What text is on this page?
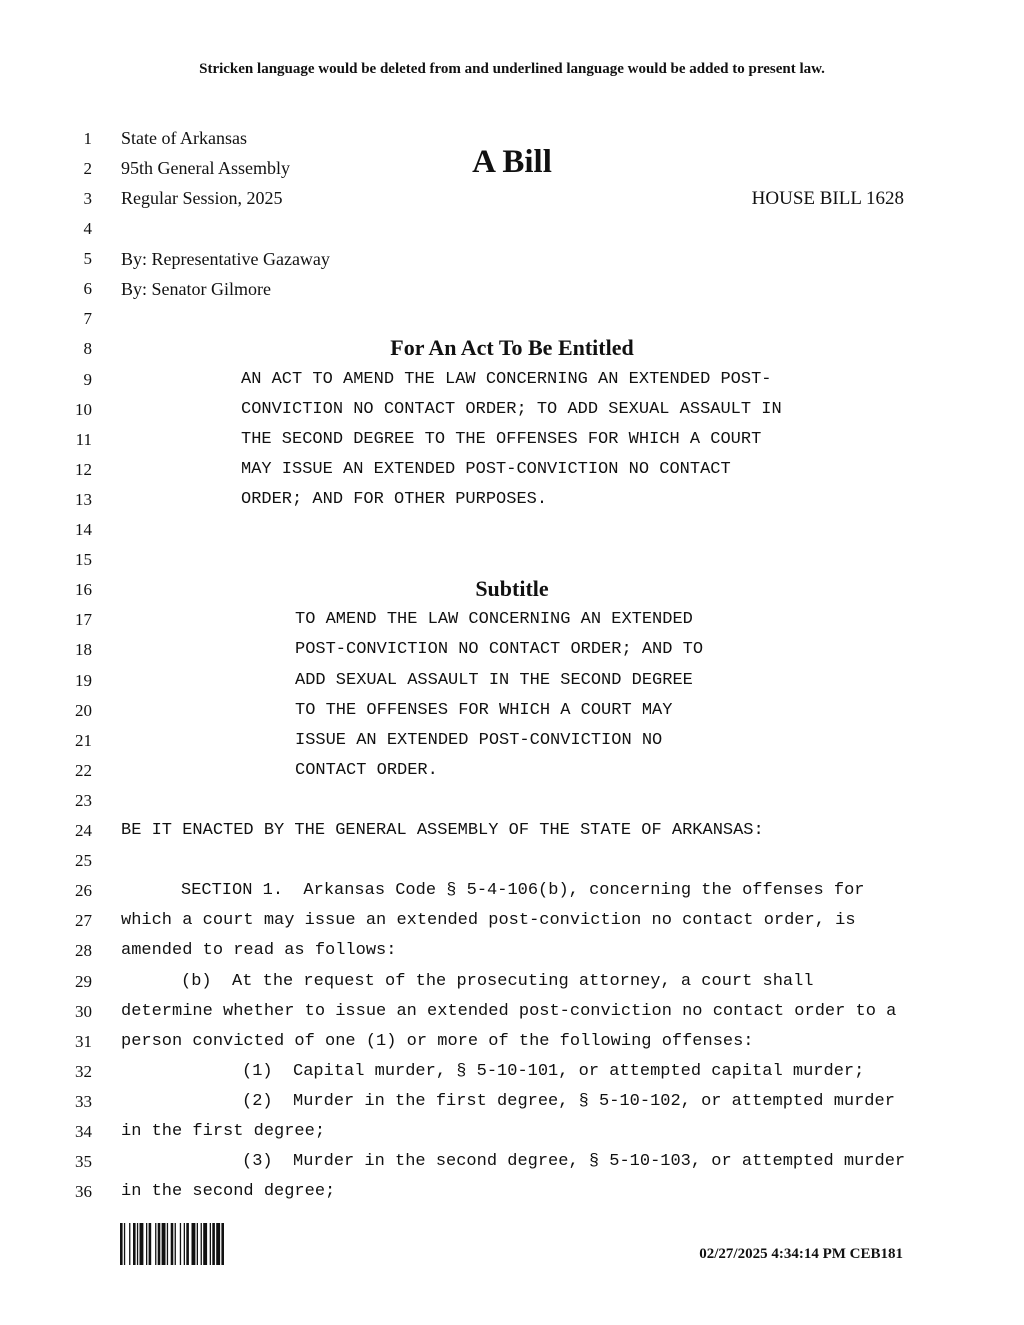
Stricken language would be deleted from and underlined language would be added to present law.
1
2
3
4
5
6
7
8
9
10
11
12
13
14
15
16
17
18
19
20
21
22
23
24
25
26
27
28
29
30
31
32
33
34
35
36
State of Arkansas
95th General Assembly
Regular Session, 2025
A Bill
HOUSE BILL 1628
By: Representative Gazaway
By: Senator Gilmore
For An Act To Be Entitled
AN ACT TO AMEND THE LAW CONCERNING AN EXTENDED POST-
CONVICTION NO CONTACT ORDER; TO ADD SEXUAL ASSAULT IN
THE SECOND DEGREE TO THE OFFENSES FOR WHICH A COURT
MAY ISSUE AN EXTENDED POST-CONVICTION NO CONTACT
ORDER; AND FOR OTHER PURPOSES.
Subtitle
TO AMEND THE LAW CONCERNING AN EXTENDED
POST-CONVICTION NO CONTACT ORDER; AND TO
ADD SEXUAL ASSAULT IN THE SECOND DEGREE
TO THE OFFENSES FOR WHICH A COURT MAY
ISSUE AN EXTENDED POST-CONVICTION NO
CONTACT ORDER.
BE IT ENACTED BY THE GENERAL ASSEMBLY OF THE STATE OF ARKANSAS:
SECTION 1.  Arkansas Code § 5-4-106(b), concerning the offenses for
which a court may issue an extended post-conviction no contact order, is
amended to read as follows:
(b)  At the request of the prosecuting attorney, a court shall
determine whether to issue an extended post-conviction no contact order to a
person convicted of one (1) or more of the following offenses:
(1)  Capital murder, § 5-10-101, or attempted capital murder;
(2)  Murder in the first degree, § 5-10-102, or attempted murder
in the first degree;
(3)  Murder in the second degree, § 5-10-103, or attempted murder
in the second degree;
02/27/2025 4:34:14 PM CEB181
